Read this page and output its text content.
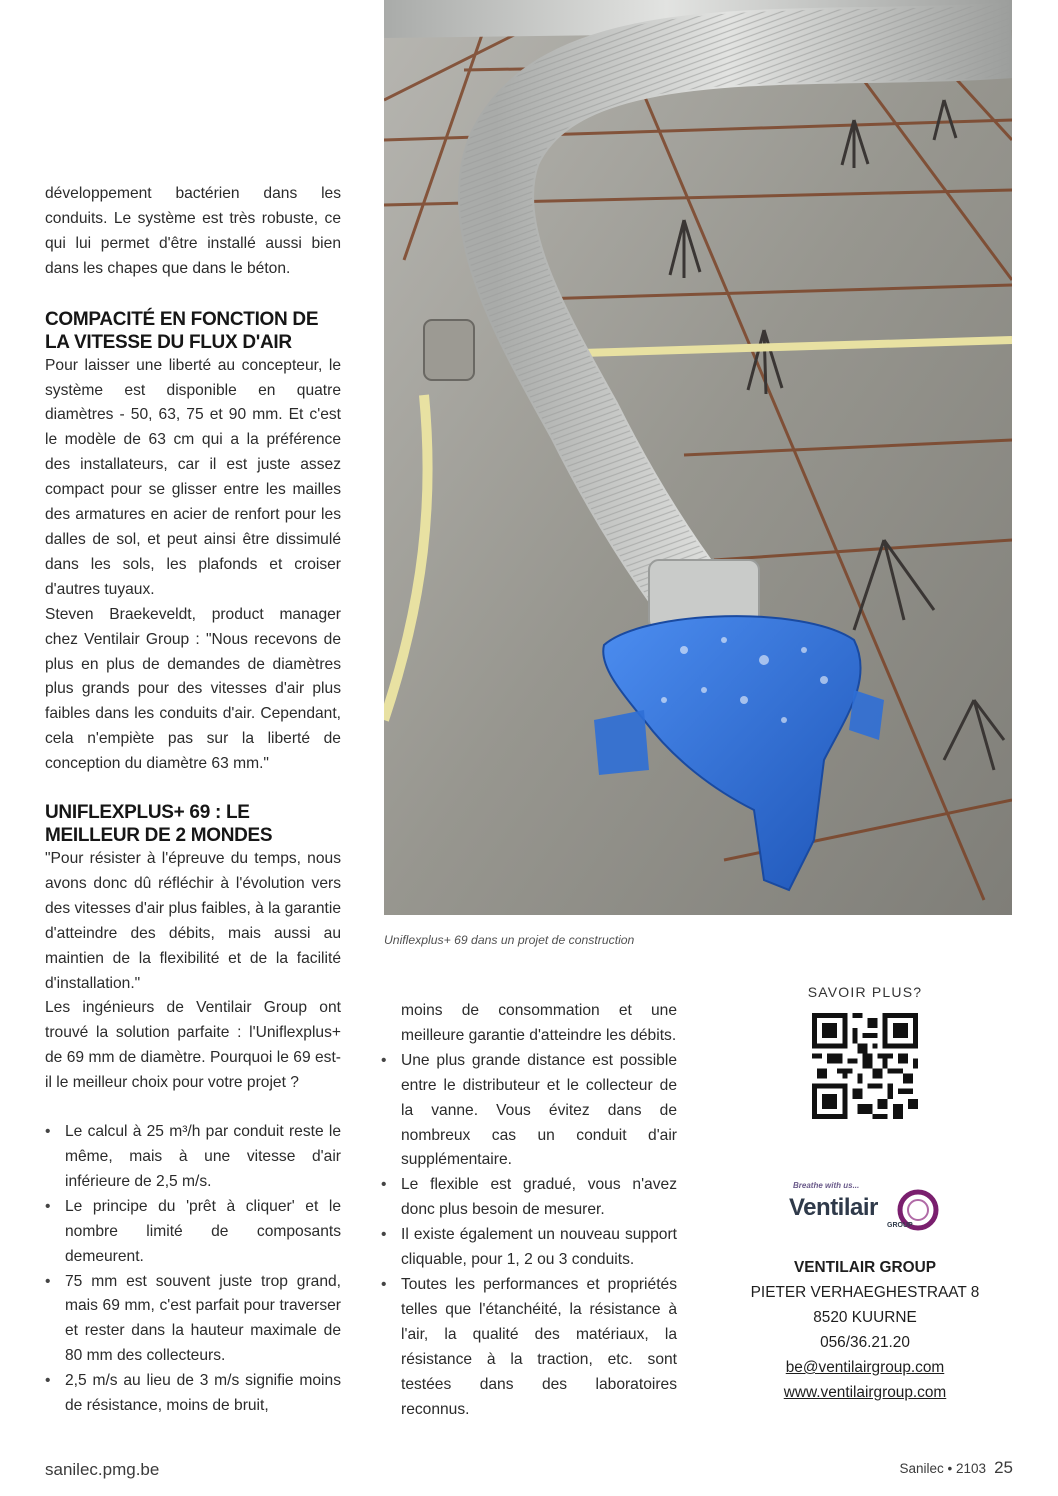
développement bactérien dans les conduits. Le système est très robuste, ce qui lui permet d'être installé aussi bien dans les chapes que dans le béton.

COMPACITÉ EN FONCTION DE LA VITESSE DU FLUX D'AIR

Pour laisser une liberté au concepteur, le système est disponible en quatre diamètres - 50, 63, 75 et 90 mm. Et c'est le modèle de 63 cm qui a la préférence des installateurs, car il est juste assez compact pour se glisser entre les mailles des armatures en acier de renfort pour les dalles de sol, et peut ainsi être dissimulé dans les sols, les plafonds et croiser d'autres tuyaux.

Steven Braekeveldt, product manager chez Ventilair Group : "Nous recevons de plus en plus de demandes de diamètres plus grands pour des vitesses d'air plus faibles dans les conduits d'air. Cependant, cela n'empiète pas sur la liberté de conception du diamètre 63 mm."

UNIFLEXPLUS+ 69 : LE MEILLEUR DE 2 MONDES

"Pour résister à l'épreuve du temps, nous avons donc dû réfléchir à l'évolution vers des vitesses d'air plus faibles, à la garantie d'atteindre des débits, mais aussi au maintien de la flexibilité et de la facilité d'installation."

Les ingénieurs de Ventilair Group ont trouvé la solution parfaite : l'Uniflexplus+ de 69 mm de diamètre. Pourquoi le 69 est-il le meilleur choix pour votre projet ?

• Le calcul à 25 m³/h par conduit reste le même, mais à une vitesse d'air inférieure de 2,5 m/s.
• Le principe du 'prêt à cliquer' et le nombre limité de composants demeurent.
• 75 mm est souvent juste trop grand, mais 69 mm, c'est parfait pour traverser et rester dans la hauteur maximale de 80 mm des collecteurs.
• 2,5 m/s au lieu de 3 m/s signifie moins de résistance, moins de bruit,
Uniflexplus+ 69 dans un projet de construction

moins de consommation et une meilleure garantie d'atteindre les débits.

• Une plus grande distance est possible entre le distributeur et le collecteur de la vanne. Vous évitez dans de nombreux cas un conduit d'air supplémentaire.
• Le flexible est gradué, vous n'avez donc plus besoin de mesurer.
• Il existe également un nouveau support cliquable, pour 1, 2 ou 3 conduits.
• Toutes les performances et propriétés telles que l'étanchéité, la résistance à l'air, la qualité des matériaux, la résistance à la traction, etc. sont testées dans des laboratoires reconnus.
SAVOIR PLUS?
Breathe with us...
Ventilair
GROUP
VENTILAIR GROUP
PIETER VERHAEGHESTRAAT 8
8520 KUURNE
056/36.21.20
be@ventilairgroup.com
www.ventilairgroup.com
sanilec.pmg.be	Sanilec • 2103 25
